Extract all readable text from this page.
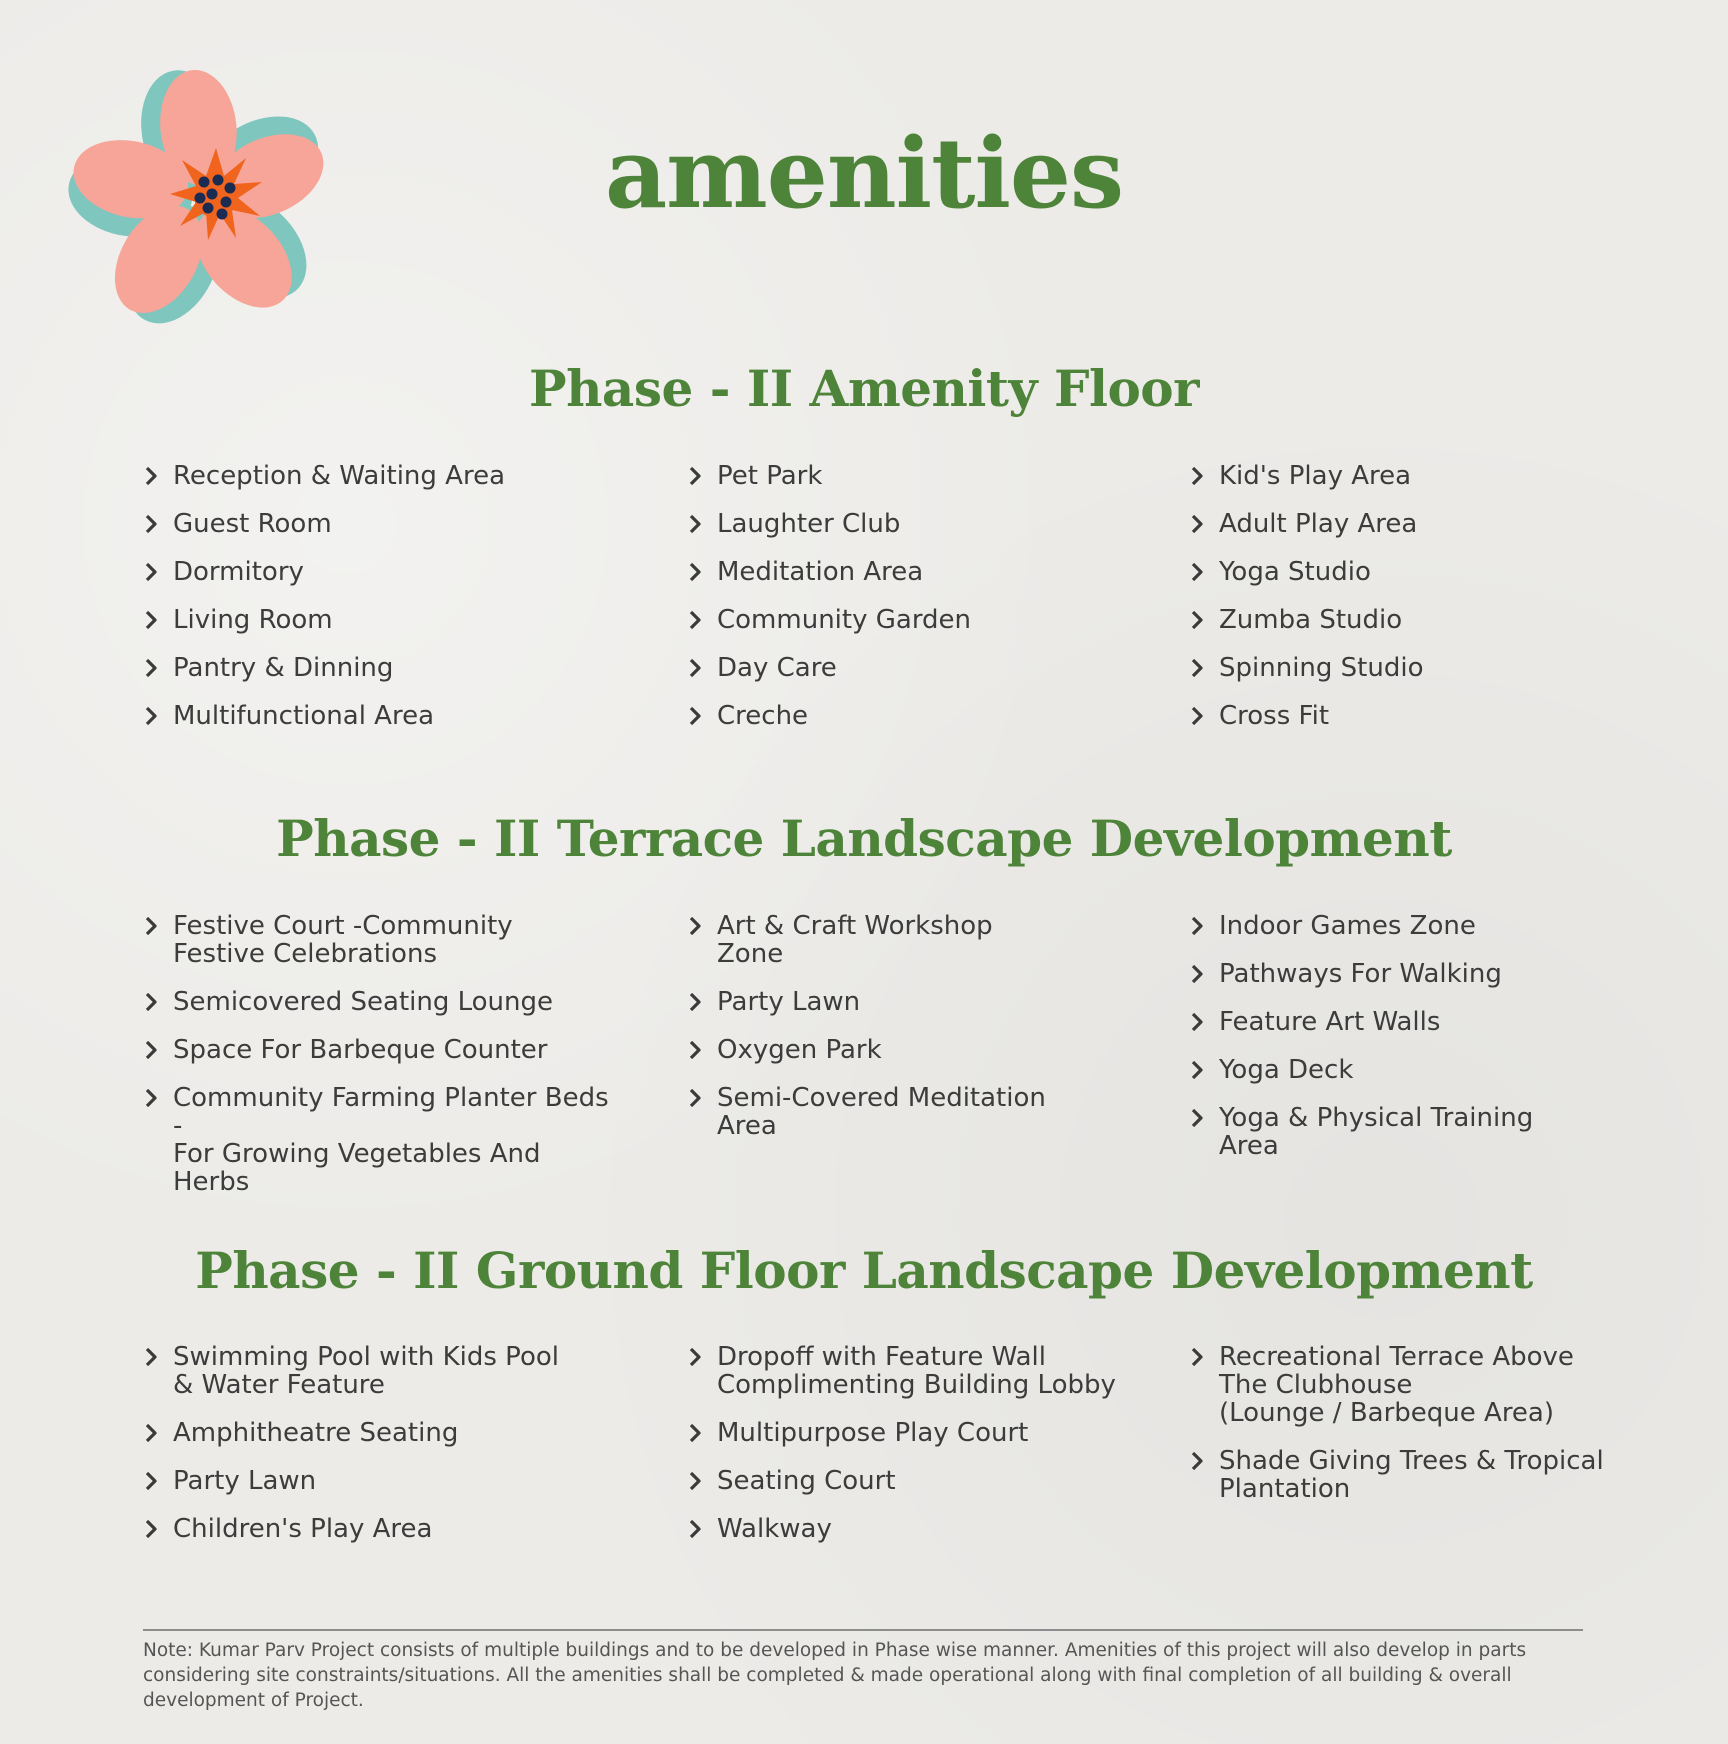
amenities
Phase - II Amenity Floor
Phase - II Terrace Landscape Development
Phase - II Ground Floor Landscape Development
Reception & Waiting Area
Guest Room
Dormitory
Living Room
Pantry & Dinning
Multifunctional Area
Pet Park
Laughter Club
Meditation Area
Community Garden
Day Care
Creche
Kid's Play Area
Adult Play Area
Yoga Studio
Zumba Studio
Spinning Studio
Cross Fit
Festive Court -Community
Festive Celebrations
Semicovered Seating Lounge
Space For Barbeque Counter
Community Farming Planter Beds -
For Growing Vegetables And Herbs
Art & Craft Workshop
Zone
Party Lawn
Oxygen Park
Semi-Covered Meditation
Area
Indoor Games Zone
Pathways For Walking
Feature Art Walls
Yoga Deck
Yoga & Physical Training
Area
Swimming Pool with Kids Pool
& Water Feature
Amphitheatre Seating
Party Lawn
Children's Play Area
Dropoff with Feature Wall
Complimenting Building Lobby
Multipurpose Play Court
Seating Court
Walkway
Recreational Terrace Above
The Clubhouse
(Lounge / Barbeque Area)
Shade Giving Trees & Tropical
Plantation
Note: Kumar Parv Project consists of multiple buildings and to be developed in Phase wise manner. Amenities of this project will also develop in parts considering site constraints/situations. All the amenities shall be completed & made operational along with final completion of all building & overall development of Project.
